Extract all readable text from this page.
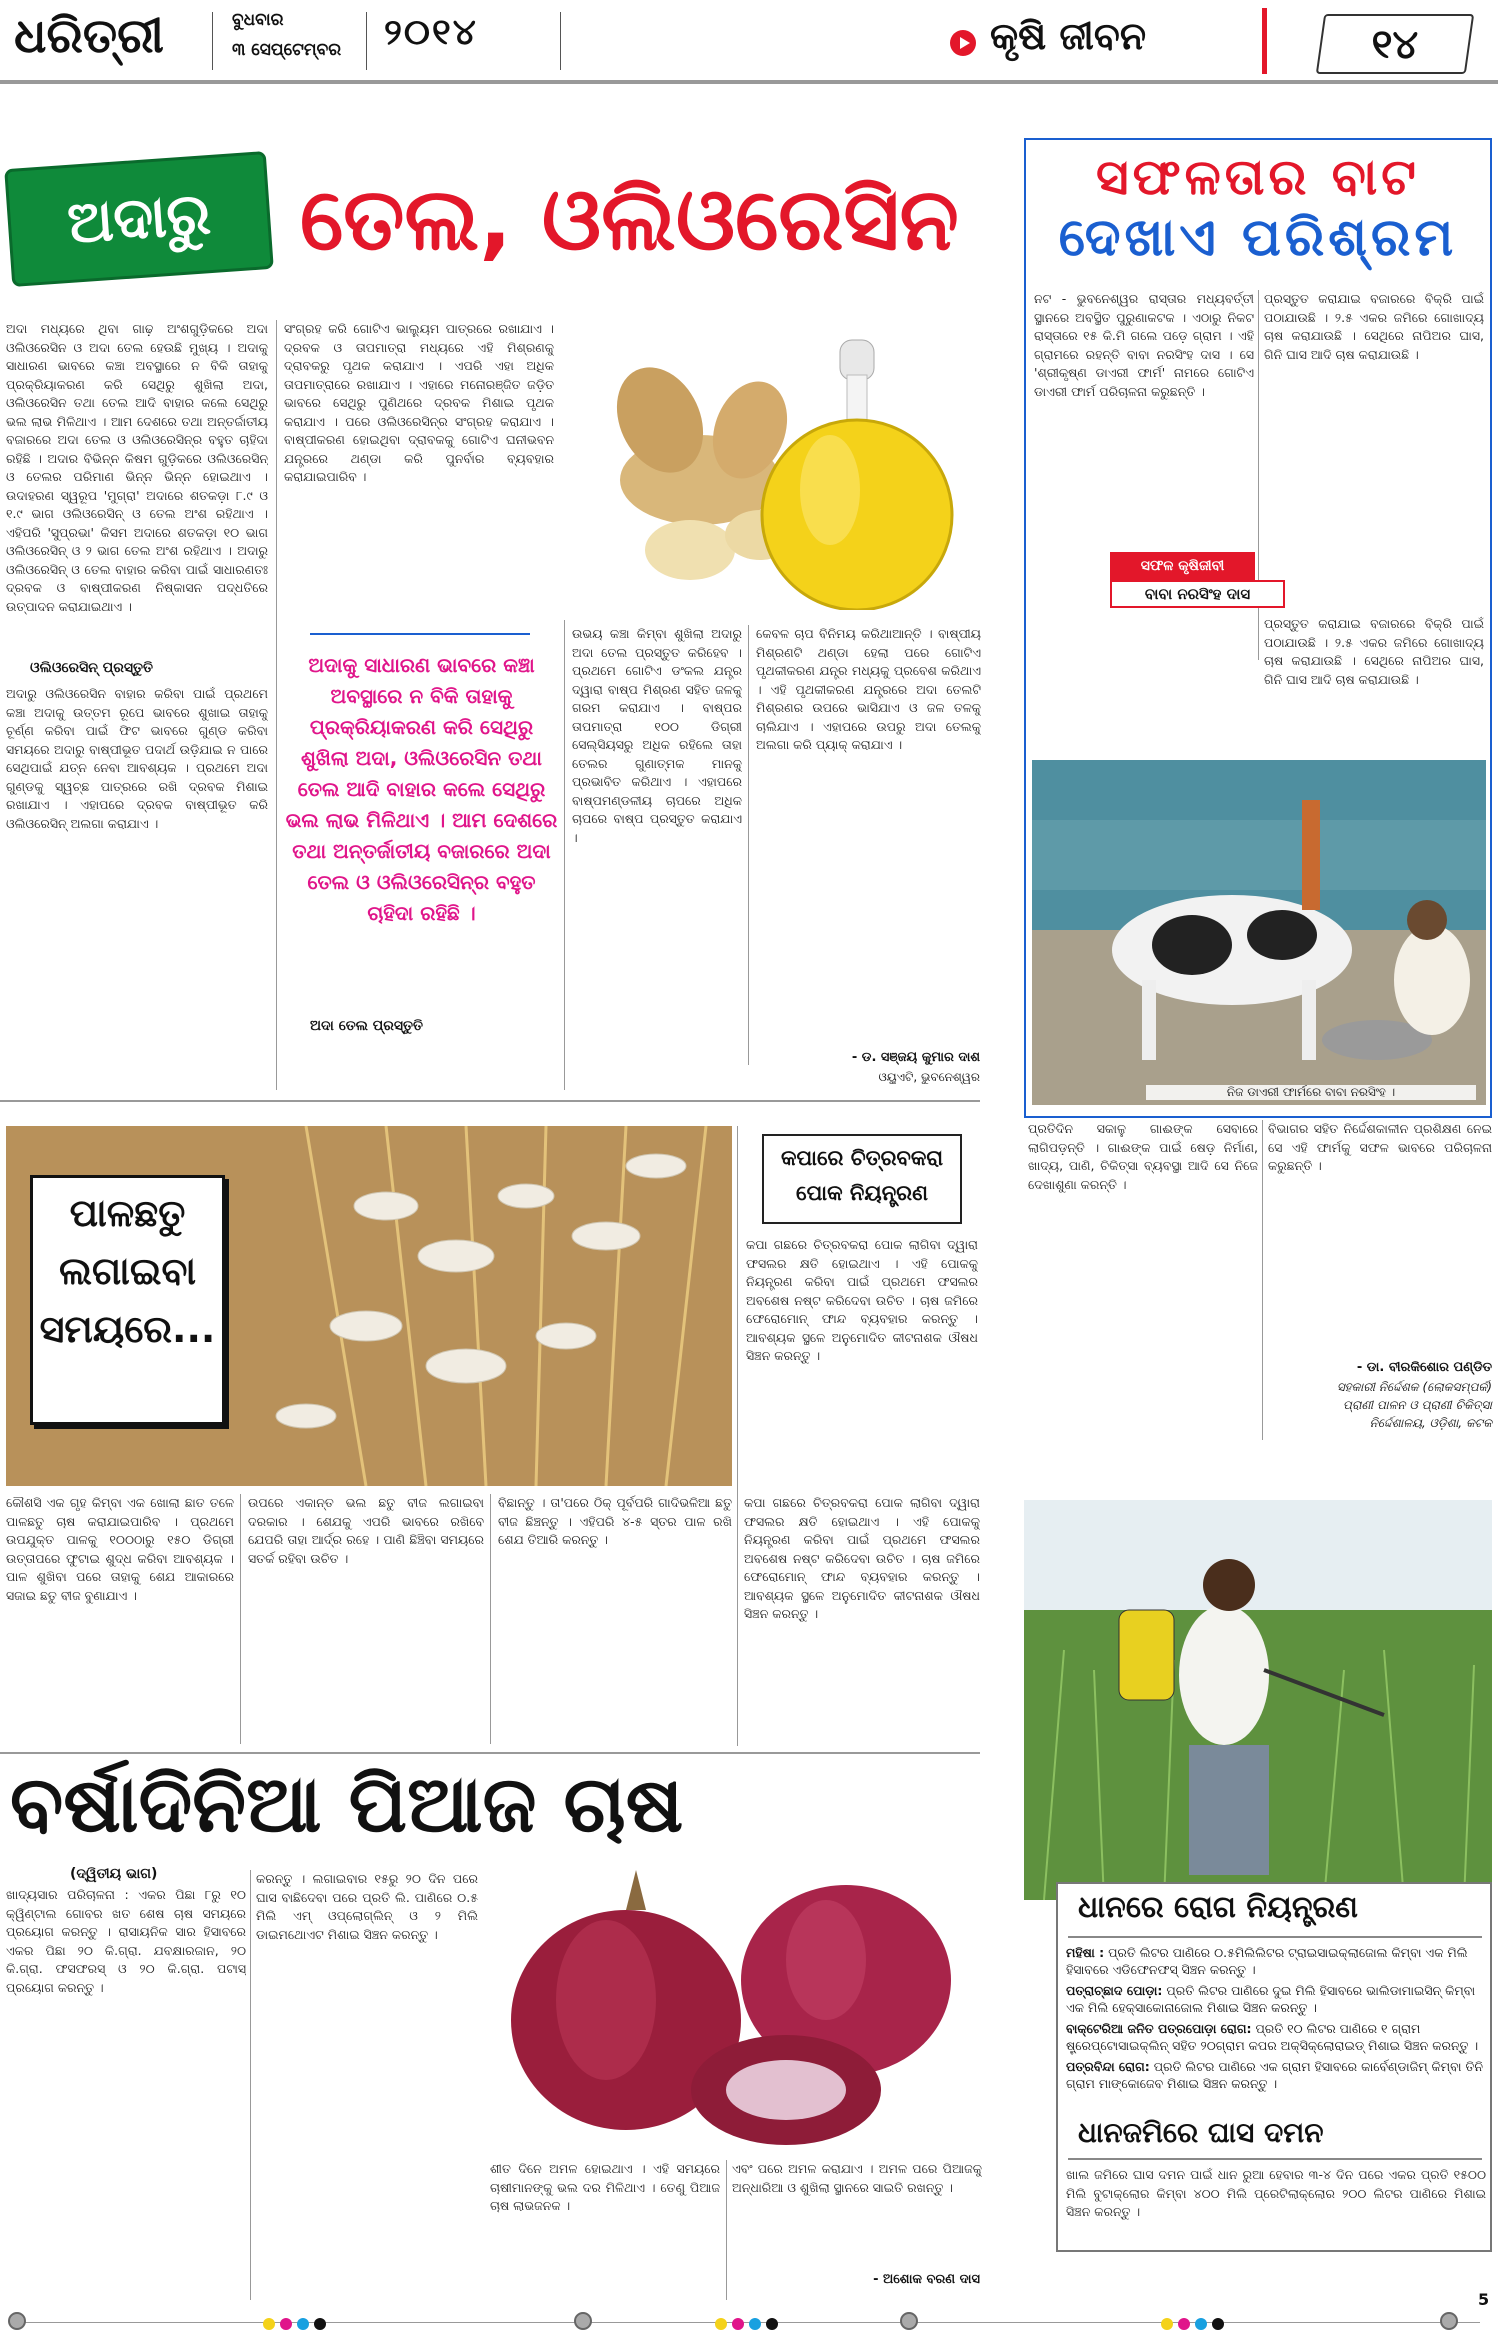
ଧରିତ୍ରୀ	ବୁଧବାର
୩ ସେପ୍ଟେମ୍ବର ୨୦୧୪	କୃଷି ଜୀବନ	୧୪
ଅଦାରୁ	ତେଲ, ଓଲିଓରେସିନ
ଅଦା ମଧ୍ୟରେ ଥିବା ଗାଢ଼ ଅଂଶଗୁଡ଼ିକରେ ଅଦା ଓଲିଓରେସିନ ଓ ଅଦା ତେଲ ହେଉଛି ମୁଖ୍ୟ । ଅଦାକୁ ସାଧାରଣ ଭାବରେ କଞ୍ଚା ଅବସ୍ଥାରେ ନ ବିକି ତାହାକୁ ପ୍ରକ୍ରିୟାକରଣ କରି ସେଥିରୁ ଶୁଖିଲା ଅଦା, ଓଲିଓରେସିନ ତଥା ତେଲ ଆଦି ବାହାର କଲେ ସେଥିରୁ ଭଲ ଲାଭ ମିଳିଥାଏ । ଆମ ଦେଶରେ ତଥା ଅନ୍ତର୍ଜାତୀୟ ବଜାରରେ ଅଦା ତେଲ ଓ ଓଲିଓରେସିନ୍‌ର ବହୁତ ଚାହିଦା ରହିଛି । ଅଦାର ବିଭିନ୍ନ କିଷମ ଗୁଡ଼ିକରେ ଓଲିଓରେସିନ୍ ଓ ତେଲର ପରିମାଣ ଭିନ୍ନ ଭିନ୍ନ ହୋଇଥାଏ । ଉଦାହରଣ ସ୍ୱରୂପ 'ମୁଗ୍ରା' ଅଦାରେ ଶତକଡ଼ା ୮.୯ ଓ ୧.୯ ଭାଗ ଓଲିଓରେସିନ୍ ଓ ତେଲ ଅଂଶ ରହିଥାଏ । ଏହିପରି 'ସୁପ୍ରଭା' କିସମ ଅଦାରେ ଶତକଡ଼ା ୧୦ ଭାଗ ଓଲିଓରେସିନ୍ ଓ ୨ ଭାଗ ତେଲ ଅଂଶ ରହିଥାଏ । ଅଦାରୁ ଓଲିଓରେସିନ୍ ଓ ତେଲ ବାହାର କରିବା ପାଇଁ ସାଧାରଣତଃ ଦ୍ରବକ ଓ ବାଷ୍ପୀକରଣ ନିଷ୍କାସନ ପଦ୍ଧତିରେ ଉତ୍ପାଦନ କରାଯାଇଥାଏ ।
ଓଲିଓରେସିନ୍ ପ୍ରସ୍ତୁତି
ଅଦାରୁ ଓଲିଓରେସିନ ବାହାର କରିବା ପାଇଁ ପ୍ରଥମେ କଞ୍ଚା ଅଦାକୁ ଉତ୍ତମ ରୂପେ ଭାବରେ ଶୁଖାଇ ତାହାକୁ ଚୂର୍ଣ୍ଣ କରିବା ପାଇଁ ଫିଟ ଭାବରେ ଗୁଣ୍ଡ କରିବା ସମୟରେ ଅଦାରୁ ବାଷ୍ପୀଭୂତ ପଦାର୍ଥ ଉଡ଼ିଯାଇ ନ ପାରେ ସେଥିପାଇଁ ଯତ୍ନ ନେବା ଆବଶ୍ୟକ । ପ୍ରଥମେ ଅଦା ଗୁଣ୍ଡକୁ ସ୍ୱଚ୍ଛ ପାତ୍ରରେ ରଖି ଦ୍ରବକ ମିଶାଇ ରଖାଯାଏ । ଏହାପରେ ଦ୍ରବକ ବାଷ୍ପୀଭୂତ କରି ଓଲିଓରେସିନ୍ ଅଲଗା କରାଯାଏ ।
ସଂଗ୍ରହ କରି ଗୋଟିଏ ଭାଲ୍ୟୁମ ପାତ୍ରରେ ରଖାଯାଏ । ଦ୍ରବକ ଓ ତାପମାତ୍ରା ମଧ୍ୟରେ ଏହି ମିଶ୍ରଣକୁ ଦ୍ରାବକରୁ ପୃଥକ କରାଯାଏ । ଏପରି ଏହା ଅଧିକ ତାପମାତ୍ରାରେ ରଖାଯାଏ । ଏହାରେ ମନୋରଞ୍ଜିତ ଜଡ଼ିତ ଭାବରେ ସେଥିରୁ ପୁଣିଥରେ ଦ୍ରବକ ମିଶାଇ ପୃଥକ କରାଯାଏ । ପରେ ଓଲିଓରେସିନ୍‌ର ସଂଗ୍ରହ କରାଯାଏ । ବାଷ୍ପୀକରଣ ହୋଇଥିବା ଦ୍ରାବକକୁ ଗୋଟିଏ ଘନୀଭବନ ଯନ୍ତ୍ରରେ ଥଣ୍ଡା କରି ପୁନର୍ବାର ବ୍ୟବହାର କରାଯାଇପାରିବ ।
ଅଦାକୁ ସାଧାରଣ ଭାବରେ କଞ୍ଚା ଅବସ୍ଥାରେ ନ ବିକି ତାହାକୁ ପ୍ରକ୍ରିୟାକରଣ କରି ସେଥିରୁ ଶୁଖିଲା ଅଦା, ଓଲିଓରେସିନ ତଥା ତେଲ ଆଦି ବାହାର କଲେ ସେଥିରୁ ଭଲ ଲାଭ ମିଳିଥାଏ । ଆମ ଦେଶରେ ତଥା ଅନ୍ତର୍ଜାତୀୟ ବଜାରରେ ଅଦା ତେଲ ଓ ଓଲିଓରେସିନ୍‌ର ବହୁତ ଚାହିଦା ରହିଛି ।
ଅଦା ତେଲ ପ୍ରସ୍ତୁତି
ଉଭୟ କଞ୍ଚା କିମ୍ବା ଶୁଖିଲା ଅଦାରୁ ଅଦା ତେଲ ପ୍ରସ୍ତୁତ କରିହେବ । ପ୍ରଥମେ ଗୋଟିଏ ଡଂକଲ ଯନ୍ତ୍ର ଦ୍ୱାରା ବାଷ୍ପ ମିଶ୍ରଣ ସହିତ ଜଳକୁ ଗରମ କରାଯାଏ । ବାଷ୍ପର ତାପମାତ୍ରା ୧୦୦ ଡିଗ୍ରୀ ସେଲ୍‌ସିୟସରୁ ଅଧିକ ରହିଲେ ତାହା ତେଲର ଗୁଣାତ୍ମକ ମାନକୁ ପ୍ରଭାବିତ କରିଥାଏ । ଏହାପରେ ବାଷ୍ପମଣ୍ଡଳୀୟ ଚାପରେ ଅଧିକ ଚାପରେ ବାଷ୍ପ ପ୍ରସ୍ତୁତ କରାଯାଏ ।
କେବଳ ଚାପ ବିନିମୟ କରିଥାଆନ୍ତି । ବାଷ୍ପୀୟ ମିଶ୍ରଣଟି ଥଣ୍ଡା ହେଲା ପରେ ଗୋଟିଏ ପୃଥକୀକରଣ ଯନ୍ତ୍ର ମଧ୍ୟକୁ ପ୍ରବେଶ କରିଥାଏ । ଏହି ପୃଥକୀକରଣ ଯନ୍ତ୍ରରେ ଅଦା ତେଲଟି ମିଶ୍ରଣର ଉପରେ ଭାସିଯାଏ ଓ ଜଳ ତଳକୁ ଚାଲିଯାଏ । ଏହାପରେ ଉପରୁ ଅଦା ତେଲକୁ ଅଲଗା କରି ପ୍ୟାକ୍ କରାଯାଏ ।
- ଡ. ସଞ୍ଜୟ କୁମାର ଦାଶ
ଓୟୁଏଟି, ଭୁବନେଶ୍ୱର
ସଫଳତାର ବାଟ
ଦେଖାଏ ପରିଶ୍ରମ
ନଟ - ଭୁବନେଶ୍ୱର ରାସ୍ତାର ମଧ୍ୟବର୍ତ୍ତୀ ସ୍ଥାନରେ ଅବସ୍ଥିତ ପୁରୁଣାକଟକ । ଏଠାରୁ ନିକଟ ରାସ୍ତାରେ ୧୫ କି.ମି ଗଲେ ପଡ଼େ ଗ୍ରାମ । ଏହି ଗ୍ରାମରେ ରହନ୍ତି ବାବା ନରସିଂହ ଦାସ । ସେ 'ଶ୍ରୀକୃଷ୍ଣ ଡାଏରୀ ଫାର୍ମ' ନାମରେ ଗୋଟିଏ ଡାଏରୀ ଫାର୍ମ ପରିଚାଳନା କରୁଛନ୍ତି ।
ପ୍ରସ୍ତୁତ କରାଯାଇ ବଜାରରେ ବିକ୍ରି ପାଇଁ ପଠାଯାଉଛି । ୨.୫ ଏକର ଜମିରେ ଗୋଖାଦ୍ୟ ଚାଷ କରାଯାଉଛି । ସେଥିରେ ନାପିଅର ଘାସ, ଗିନି ଘାସ ଆଦି ଚାଷ କରାଯାଉଛି ।
ସଫଳ କୃଷିଜୀବୀ
ବାବା ନରସିଂହ ଦାସ
ପ୍ରସ୍ତୁତ କରାଯାଇ ବଜାରରେ ବିକ୍ରି ପାଇଁ ପଠାଯାଉଛି । ୨.୫ ଏକର ଜମିରେ ଗୋଖାଦ୍ୟ ଚାଷ କରାଯାଉଛି । ସେଥିରେ ନାପିଅର ଘାସ, ଗିନି ଘାସ ଆଦି ଚାଷ କରାଯାଉଛି ।
ନିଜ ଡାଏରୀ ଫାର୍ମରେ ବାବା ନରସିଂହ ।
ପ୍ରତିଦିନ ସକାଳୁ ଗାଈଙ୍କ ସେବାରେ ଲାଗିପଡ଼ନ୍ତି । ଗାଈଙ୍କ ପାଇଁ ଷେଡ଼ ନିର୍ମାଣ, ଖାଦ୍ୟ, ପାଣି, ଚିକିତ୍ସା ବ୍ୟବସ୍ଥା ଆଦି ସେ ନିଜେ ଦେଖାଶୁଣା କରନ୍ତି ।
ବିଭାଗର ସହିତ ନିର୍ଦ୍ଦେଶକାଳୀନ ପ୍ରଶିକ୍ଷଣ ନେଇ ସେ ଏହି ଫାର୍ମକୁ ସଫଳ ଭାବରେ ପରିଚାଳନା କରୁଛନ୍ତି ।
- ଡା. ବୀରକିଶୋର ପଣ୍ଡିତ
ସହକାରୀ ନିର୍ଦ୍ଦେଶକ (ଲୋକସମ୍ପର୍କ)
ପ୍ରାଣୀ ପାଳନ ଓ ପ୍ରାଣୀ ଚିକିତ୍ସା
ନିର୍ଦ୍ଦେଶାଳୟ, ଓଡ଼ିଶା, କଟକ
ପାଳଛତୁ ଲଗାଇବା ସମୟରେ...
କପାରେ ଚିତ୍ରବକରା
ପୋକ ନିୟନ୍ତ୍ରଣ
କପା ଗଛରେ ଚିତ୍ରବକରା ପୋକ ଲାଗିବା ଦ୍ୱାରା ଫସଲର କ୍ଷତି ହୋଇଥାଏ । ଏହି ପୋକକୁ ନିୟନ୍ତ୍ରଣ କରିବା ପାଇଁ ପ୍ରଥମେ ଫସଲର ଅବଶେଷ ନଷ୍ଟ କରିଦେବା ଉଚିତ । ଚାଷ ଜମିରେ ଫେରୋମୋନ୍ ଫାନ୍ଦ ବ୍ୟବହାର କରନ୍ତୁ । ଆବଶ୍ୟକ ସ୍ଥଳେ ଅନୁମୋଦିତ କୀଟନାଶକ ଔଷଧ ସିଞ୍ଚନ କରନ୍ତୁ ।
କୌଶସି ଏକ ଗୃହ କିମ୍ବା ଏକ ଖୋଲା ଛାତ ତଳେ ପାଳଛତୁ ଚାଷ କରାଯାଇପାରିବ । ପ୍ରଥମେ ଉପଯୁକ୍ତ ପାଳକୁ ୧୦୦ଠାରୁ ୧୫୦ ଡିଗ୍ରୀ ଉତ୍ତାପରେ ଫୁଟାଇ ଶୁଦ୍ଧ କରିବା ଆବଶ୍ୟକ । ପାଳ ଶୁଖିବା ପରେ ତାହାକୁ ଶେଯ ଆକାରରେ ସଜାଇ ଛତୁ ବୀଜ ବୁଣାଯାଏ ।
ଉପରେ ଏକାନ୍ତ ଭଲ ଛତୁ ବୀଜ ଲଗାଇବା ଦରକାର । ଶେଯକୁ ଏପରି ଭାବରେ ରଖିବେ ଯେପରି ତାହା ଆର୍ଦ୍ର ରହେ । ପାଣି ଛିଞ୍ଚିବା ସମୟରେ ସତର୍କ ରହିବା ଉଚିତ ।
ବିଛାନ୍ତୁ । ତା'ପରେ ଠିକ୍ ପୂର୍ବପରି ଗାଦିଭଳିଆ ଛତୁ ବୀଜ ଛିଞ୍ଚନ୍ତୁ । ଏହିପରି ୪-୫ ସ୍ତର ପାଳ ରଖି ଶେଯ ତିଆରି କରନ୍ତୁ ।
କପା ଗଛରେ ଚିତ୍ରବକରା ପୋକ ଲାଗିବା ଦ୍ୱାରା ଫସଲର କ୍ଷତି ହୋଇଥାଏ । ଏହି ପୋକକୁ ନିୟନ୍ତ୍ରଣ କରିବା ପାଇଁ ପ୍ରଥମେ ଫସଲର ଅବଶେଷ ନଷ୍ଟ କରିଦେବା ଉଚିତ । ଚାଷ ଜମିରେ ଫେରୋମୋନ୍ ଫାନ୍ଦ ବ୍ୟବହାର କରନ୍ତୁ । ଆବଶ୍ୟକ ସ୍ଥଳେ ଅନୁମୋଦିତ କୀଟନାଶକ ଔଷଧ ସିଞ୍ଚନ କରନ୍ତୁ ।
ଧାନରେ ରୋଗ ନିୟନ୍ତ୍ରଣ
ମହିଷା : ପ୍ରତି ଲିଟର ପାଣିରେ ୦.୫ମିଲିଲିଟର ଟ୍ରାଇସାଇକ୍ଲାଜୋଲ କିମ୍ବା ଏକ ମିଲି ହିସାବରେ ଏଡିଫେନଫସ୍ ସିଞ୍ଚନ କରନ୍ତୁ ।
ପତ୍ରାଚ୍ଛାଦ ପୋଡ଼ା: ପ୍ରତି ଲିଟର ପାଣିରେ ଦୁଇ ମିଲି ହିସାବରେ ଭାଲିଡାମାଇସିନ୍ କିମ୍ବା ଏକ ମିଲି ହେକ୍ସାକୋନାଜୋଲ ମିଶାଇ ସିଞ୍ଚନ କରନ୍ତୁ ।
ବାକ୍ଟେରିଆ ଜନିତ ପତ୍ରପୋଡ଼ା ରୋଗ: ପ୍ରତି ୧୦ ଲିଟର ପାଣିରେ ୧ ଗ୍ରାମ ଷ୍ଟ୍ରେପ୍ଟୋସାଇକ୍ଲିନ୍ ସହିତ ୨୦ଗ୍ରାମ କପର ଅକ୍ସିକ୍ଲୋରାଇଡ୍ ମିଶାଇ ସିଞ୍ଚନ କରନ୍ତୁ ।
ପତ୍ରବିନ୍ଦା ରୋଗ: ପ୍ରତି ଲିଟର ପାଣିରେ ଏକ ଗ୍ରାମ ହିସାବରେ କାର୍ବେଣ୍ଡାଜିମ୍ କିମ୍ବା ତିନି ଗ୍ରାମ ମାଙ୍କୋଜେବ ମିଶାଇ ସିଞ୍ଚନ କରନ୍ତୁ ।
ଧାନଜମିରେ ଘାସ ଦମନ
ଖାଲ ଜମିରେ ଘାସ ଦମନ ପାଇଁ ଧାନ ରୁଆ ହେବାର ୩-୪ ଦିନ ପରେ ଏକର ପ୍ରତି ୧୫୦୦ ମିଲି ବୁଟାକ୍ଲୋର କିମ୍ବା ୪୦୦ ମିଲି ପ୍ରେଟିଲାକ୍ଲୋର ୨୦୦ ଲିଟର ପାଣିରେ ମିଶାଇ ସିଞ୍ଚନ କରନ୍ତୁ ।
ବର୍ଷାଦିନିଆ ପିଆଜ ଚାଷ
(ଦ୍ୱିତୀୟ ଭାଗ)
ଖାଦ୍ୟସାର ପରିଚାଳନା : ଏକର ପିଛା ୮ରୁ ୧୦ କ୍ୱିଣ୍ଟାଲ ଗୋବର ଖତ ଶେଷ ଚାଷ ସମୟରେ ପ୍ରୟୋଗ କରନ୍ତୁ । ରାସାୟନିକ ସାର ହିସାବରେ ଏକର ପିଛା ୨୦ କି.ଗ୍ରା. ଯବକ୍ଷାରଜାନ, ୨୦ କି.ଗ୍ରା. ଫସଫରସ୍ ଓ ୨୦ କି.ଗ୍ରା. ପଟାସ୍ ପ୍ରୟୋଗ କରନ୍ତୁ ।
କରନ୍ତୁ । ଲଗାଇବାର ୧୫ରୁ ୨୦ ଦିନ ପରେ ଘାସ ବାଛିଦେବା ପରେ ପ୍ରତି ଲି. ପାଣିରେ ୦.୫ ମିଲି ଏମ୍ ଓପ୍ଲୋଗ୍ଲିନ୍ ଓ ୨ ମିଲି ଡାଇମଥୋଏଟ ମିଶାଇ ସିଞ୍ଚନ କରନ୍ତୁ ।
ଶୀତ ଦିନେ ଅମଳ ହୋଇଥାଏ । ଏହି ସମୟରେ ଚାଷୀମାନଙ୍କୁ ଭଲ ଦର ମିଳିଥାଏ । ତେଣୁ ପିଆଜ ଚାଷ ଲାଭଜନକ ।
ଏବଂ ପରେ ଅମଳ କରାଯାଏ । ଅମଳ ପରେ ପିଆଜକୁ ଅନ୍ଧାରିଆ ଓ ଶୁଖିଲା ସ୍ଥାନରେ ସାଇତି ରଖନ୍ତୁ ।
- ଅଶୋକ ବରଣ ଦାସ
5
